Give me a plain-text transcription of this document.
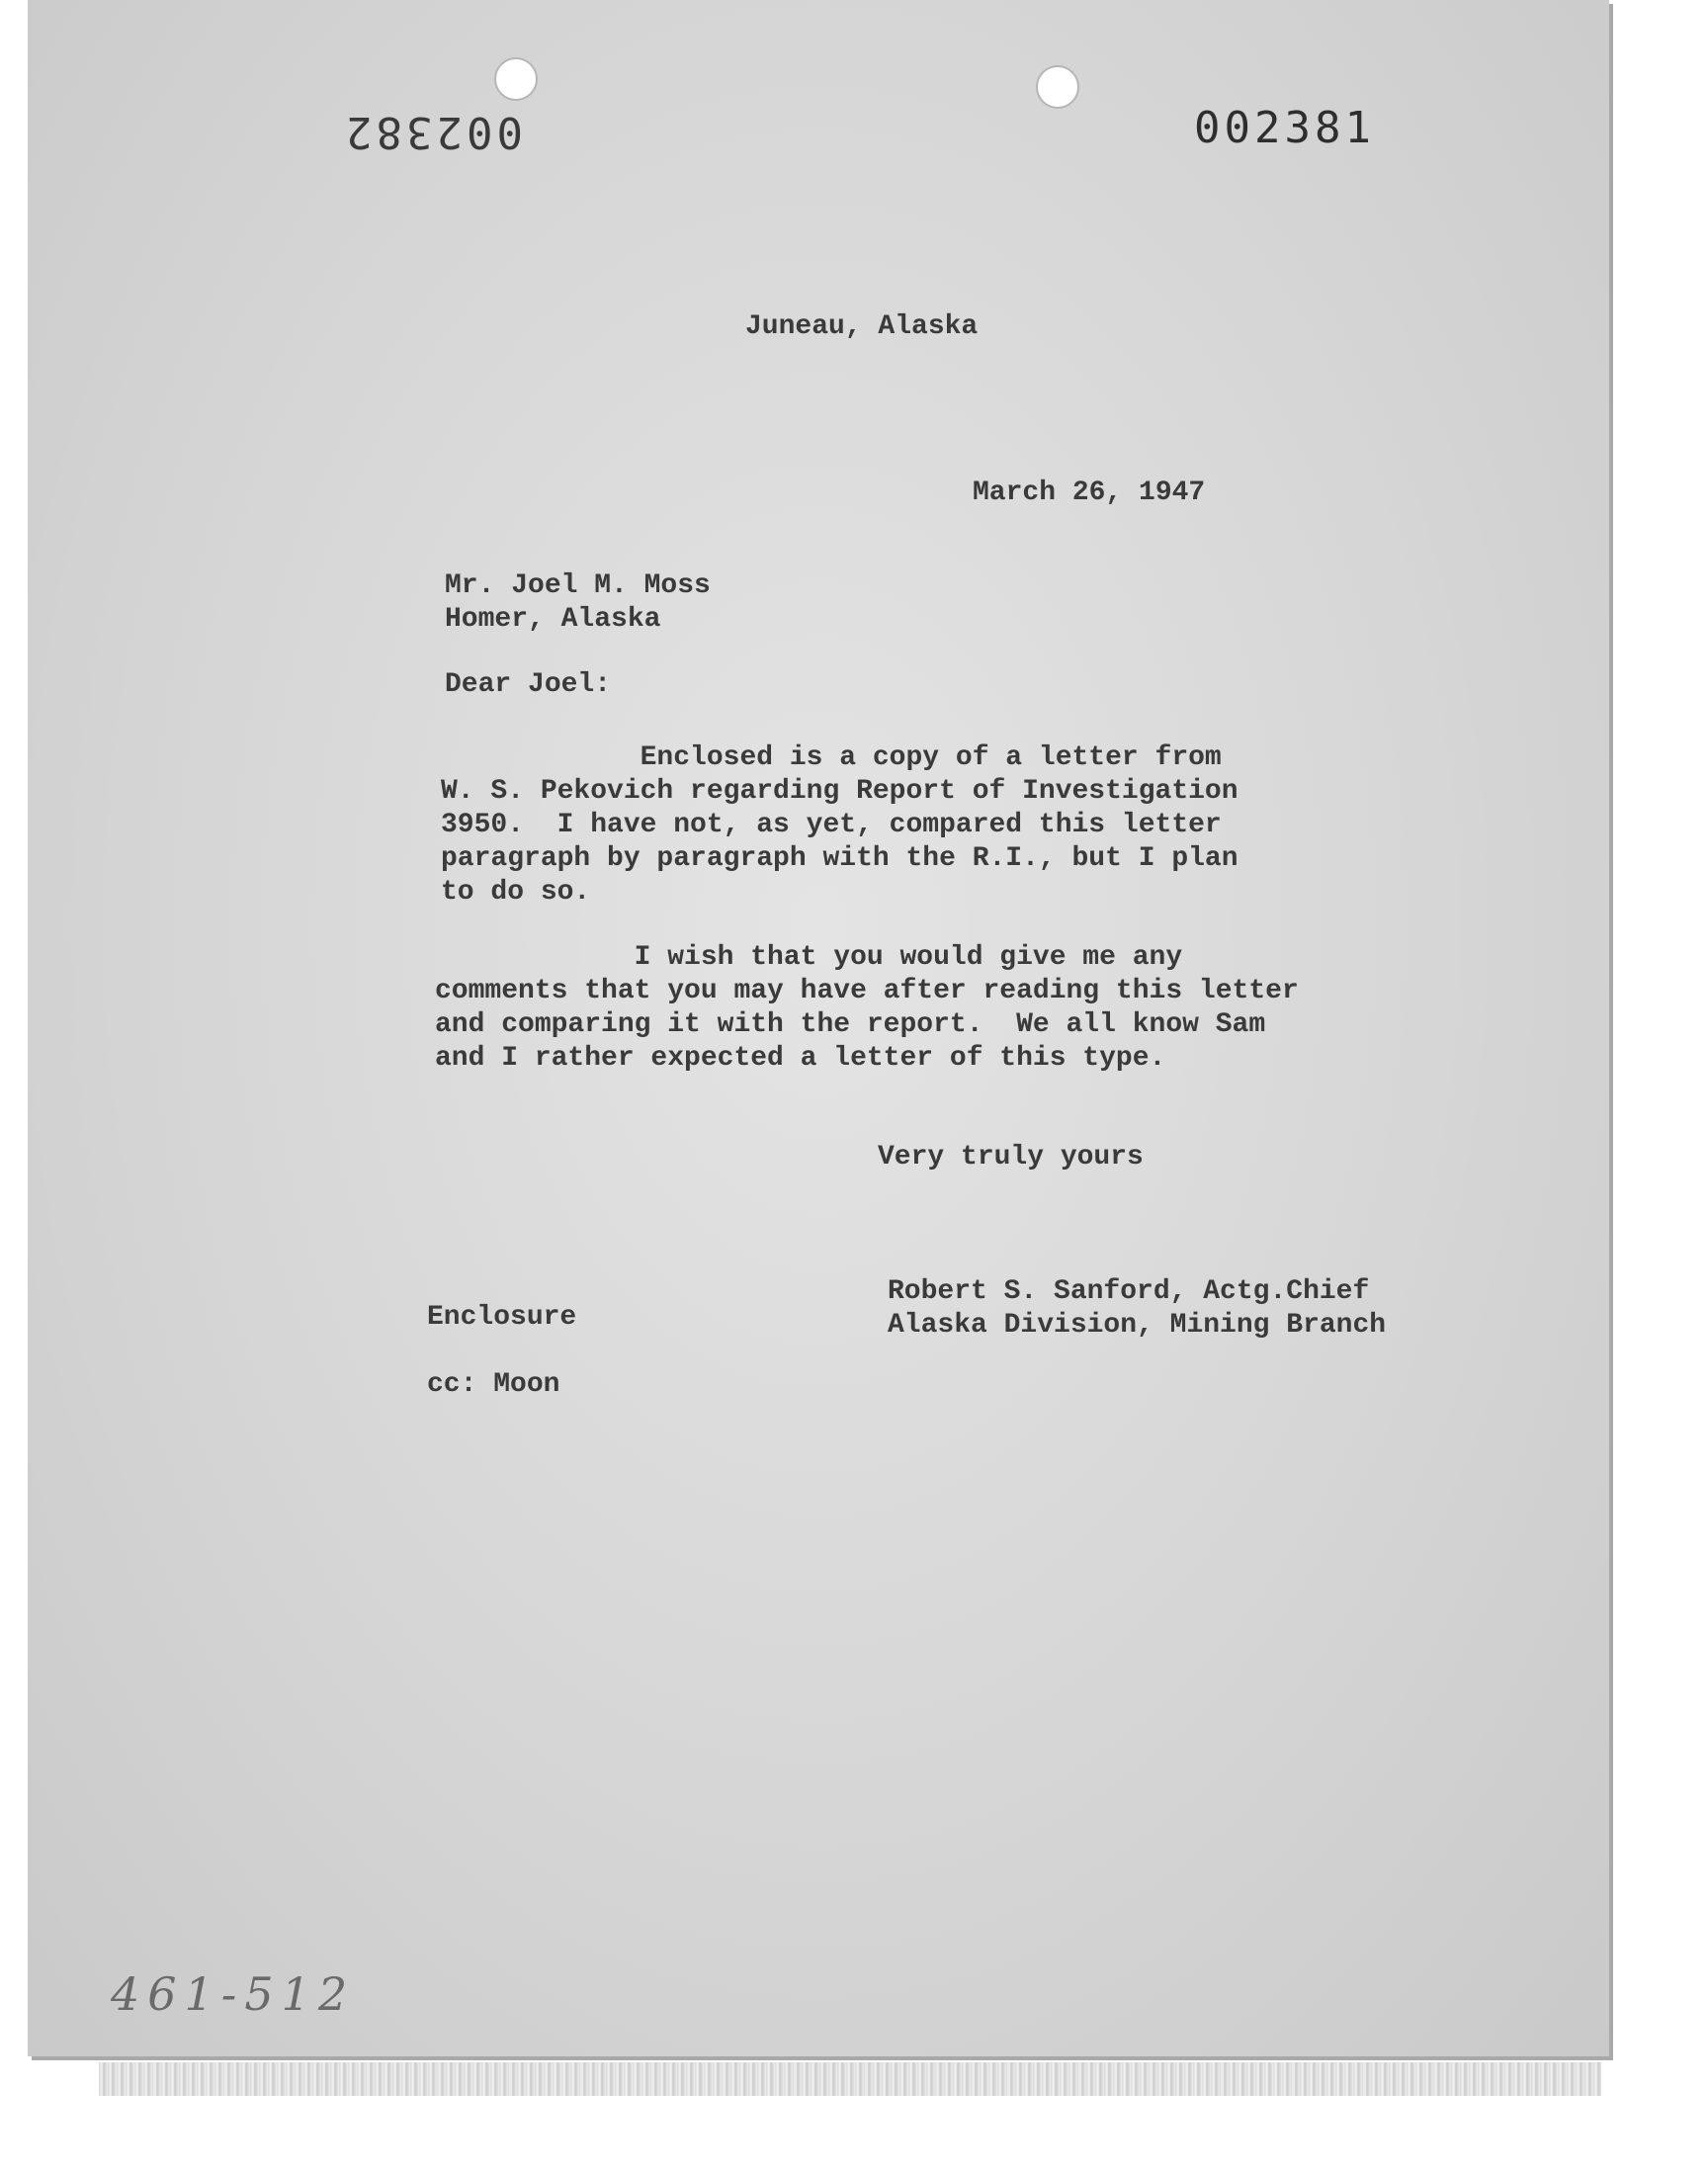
002382	002381
Juneau, Alaska
March 26, 1947
Mr. Joel M. Moss
Homer, Alaska
Dear Joel:
Enclosed is a copy of a letter from
W. S. Pekovich regarding Report of Investigation
3950.  I have not, as yet, compared this letter
paragraph by paragraph with the R.I., but I plan
to do so.
I wish that you would give me any
comments that you may have after reading this letter
and comparing it with the report.  We all know Sam
and I rather expected a letter of this type.
Very truly yours
Robert S. Sanford, Actg.Chief
Alaska Division, Mining Branch
Enclosure
cc: Moon
461-512
